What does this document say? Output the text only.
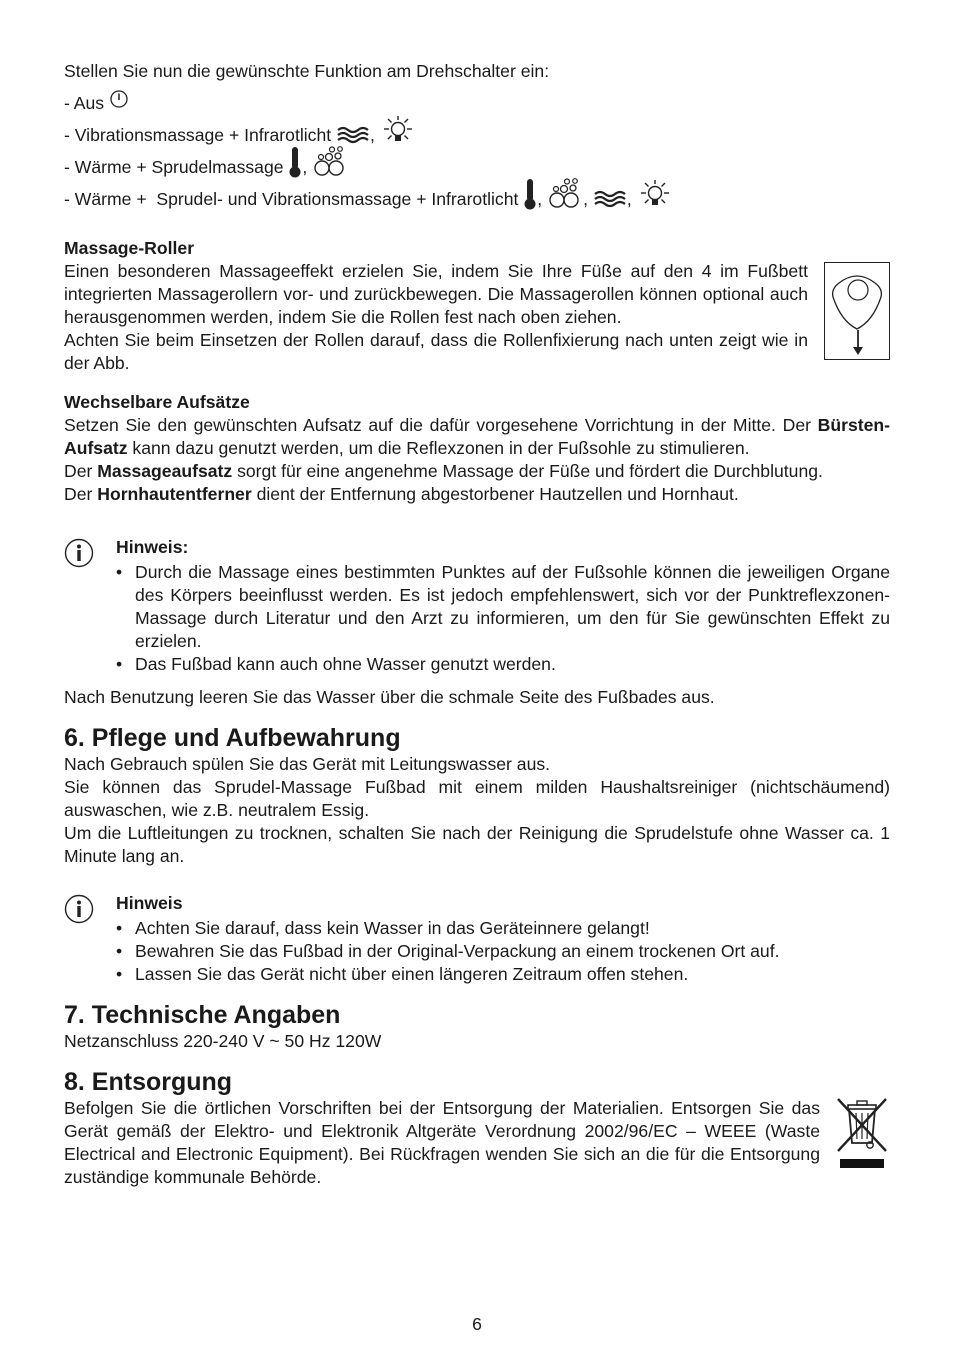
Stellen Sie nun die gewünschte Funktion am Drehschalter ein:

- Aus
- Vibrationsmassage + Infrarotlicht ,
- Wärme + Sprudelmassage ,
- Wärme +  Sprudel- und Vibrationsmassage + Infrarotlicht , , ,

Massage-Roller

Einen besonderen Massageeffekt erzielen Sie, indem Sie Ihre Füße auf den 4 im Fußbett integrierten Massagerollern vor- und zurückbewegen. Die Massagerollen können optional auch herausgenommen werden, indem Sie die Rollen fest nach oben ziehen.

Achten Sie beim Einsetzen der Rollen darauf, dass die Rollenfixierung nach unten zeigt wie in der Abb.

Wechselbare Aufsätze

Setzen Sie den gewünschten Aufsatz auf die dafür vorgesehene Vorrichtung in der Mitte. Der Bürsten-Aufsatz kann dazu genutzt werden, um die Reflexzonen in der Fußsohle zu stimulieren.

Der Massageaufsatz sorgt für eine angenehme Massage der Füße und fördert die Durchblutung.

Der Hornhautentferner dient der Entfernung abgestorbener Hautzellen und Hornhaut.

Hinweis:

• Durch die Massage eines bestimmten Punktes auf der Fußsohle können die jeweiligen Organe des Körpers beeinflusst werden. Es ist jedoch empfehlenswert, sich vor der Punktreflexzonen-Massage durch Literatur und den Arzt zu informieren, um den für Sie gewünschten Effekt zu erzielen.
• Das Fußbad kann auch ohne Wasser genutzt werden.

Nach Benutzung leeren Sie das Wasser über die schmale Seite des Fußbades aus.

6. Pflege und Aufbewahrung

Nach Gebrauch spülen Sie das Gerät mit Leitungswasser aus.

Sie können das Sprudel-Massage Fußbad mit einem milden Haushaltsreiniger (nichtschäumend) auswaschen, wie z.B. neutralem Essig.

Um die Luftleitungen zu trocknen, schalten Sie nach der Reinigung die Sprudelstufe ohne Wasser ca. 1 Minute lang an.

Hinweis

• Achten Sie darauf, dass kein Wasser in das Geräteinnere gelangt!
• Bewahren Sie das Fußbad in der Original-Verpackung an einem trockenen Ort auf.
• Lassen Sie das Gerät nicht über einen längeren Zeitraum offen stehen.
7. Technische Angaben

Netzanschluss 220-240 V ~ 50 Hz 120W

8. Entsorgung

Befolgen Sie die örtlichen Vorschriften bei der Entsorgung der Materialien. Entsorgen Sie das Gerät gemäß der Elektro- und Elektronik Altgeräte Verordnung 2002/96/EC – WEEE (Waste Electrical and Electronic Equipment). Bei Rückfragen wenden Sie sich an die für die Entsorgung zuständige kommunale Behörde.

6
